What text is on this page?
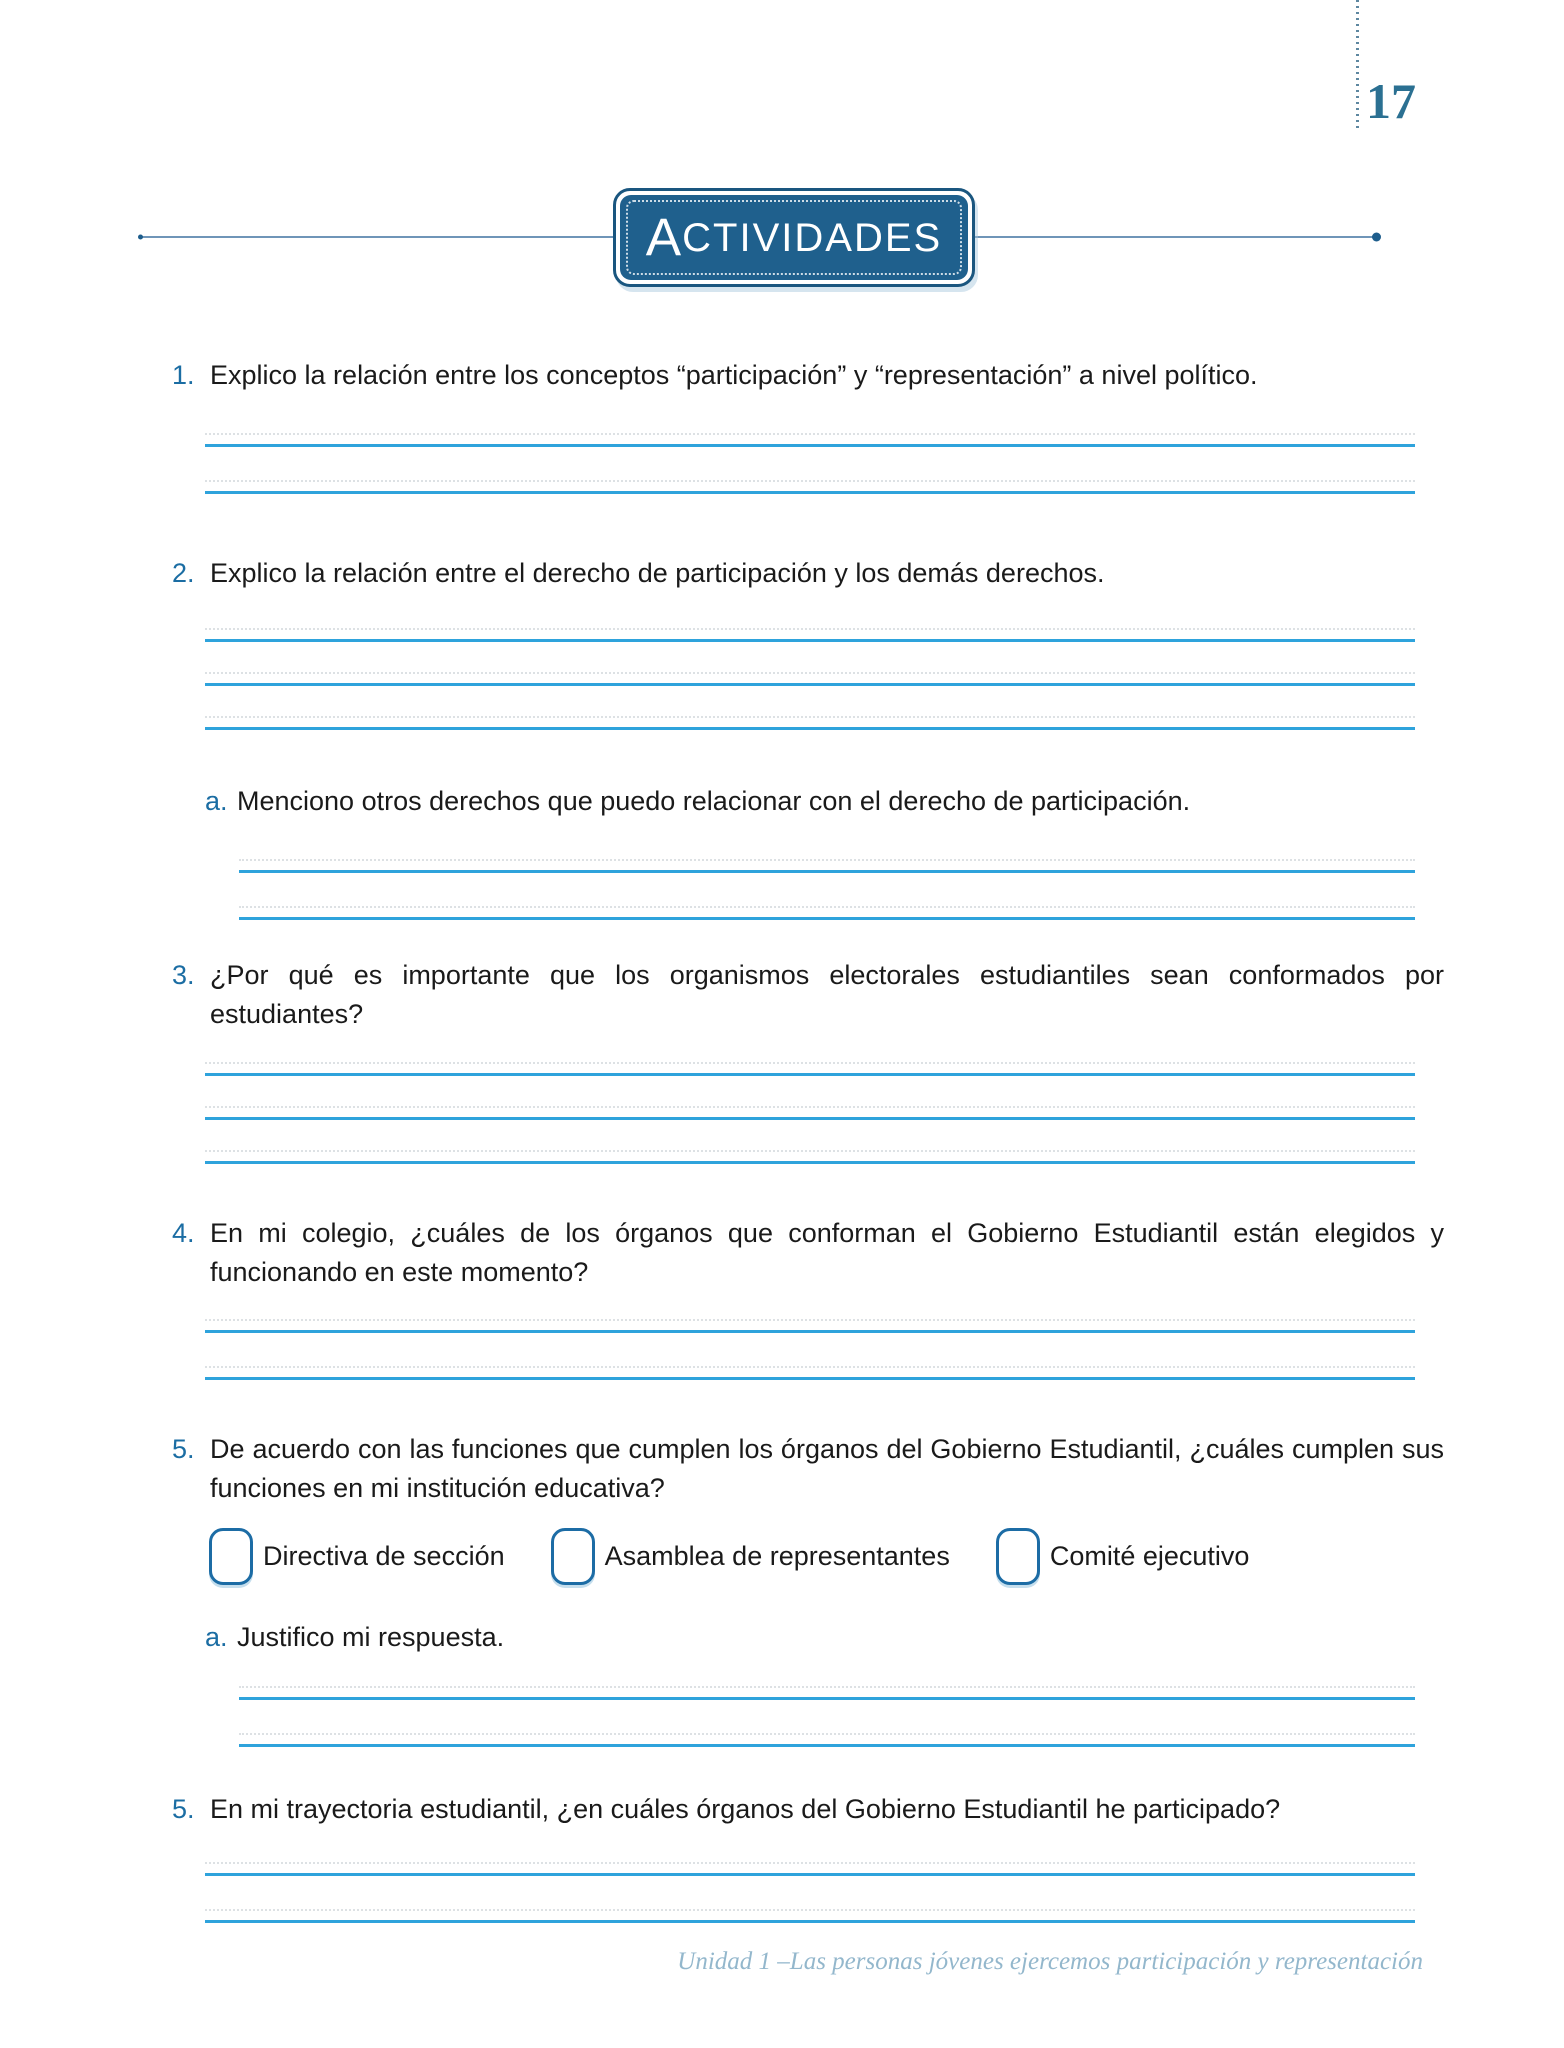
17
A CTIVIDADES
1. Explico la relación entre los conceptos “participación” y “representación” a nivel político.

2. Explico la relación entre el derecho de participación y los demás derechos.

a. Menciono otros derechos que puedo relacionar con el derecho de participación.

3. ¿Por qué es importante que los organismos electorales estudiantiles sean conformados por estudiantes?

4. En mi colegio, ¿cuáles de los órganos que conforman el Gobierno Estudiantil están elegidos y funcionando en este momento?

5. De acuerdo con las funciones que cumplen los órganos del Gobierno Estudiantil, ¿cuáles cumplen sus funciones en mi institución educativa?

Directiva de sección	Asamblea de representantes	Comité ejecutivo
a. Justifico mi respuesta.

5. En mi trayectoria estudiantil, ¿en cuáles órganos del Gobierno Estudiantil he participado?

Unidad 1 –Las personas jóvenes ejercemos participación y representación
